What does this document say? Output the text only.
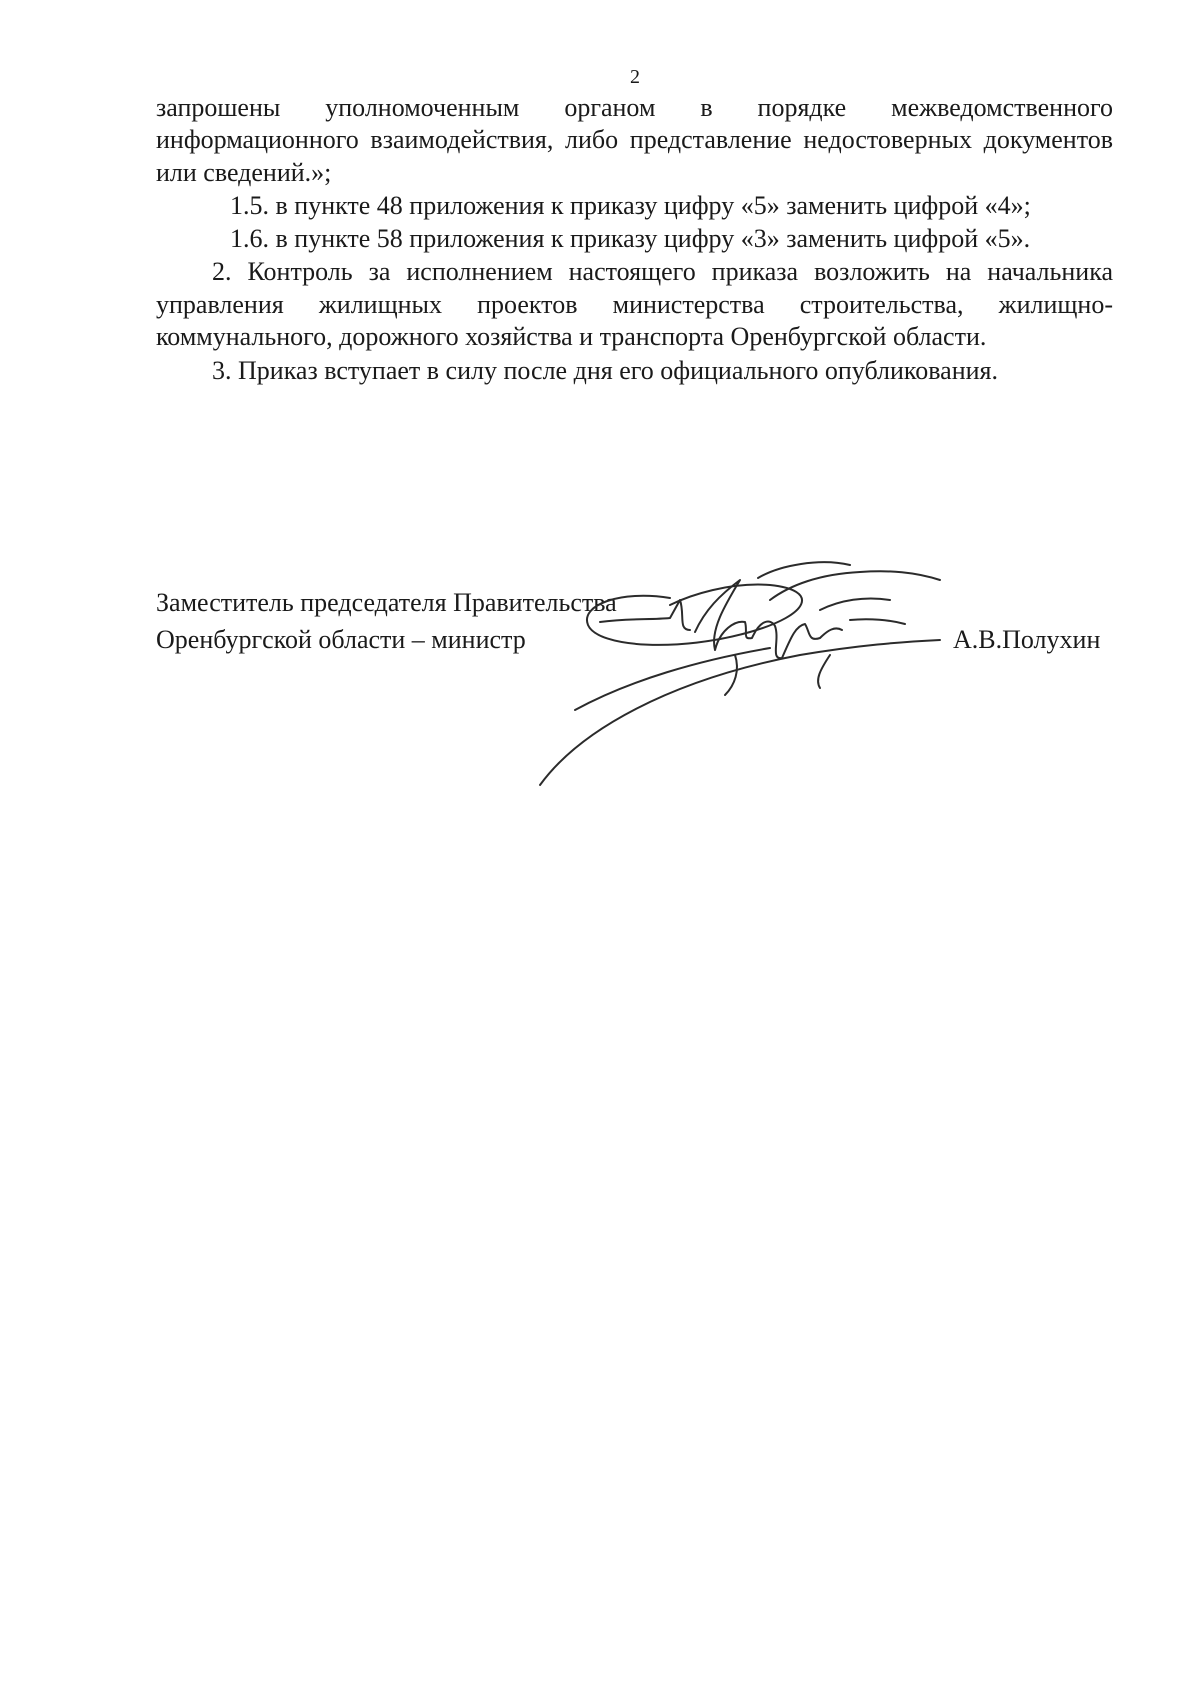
2

запрошены уполномоченным органом в порядке межведомственного информационного взаимодействия, либо представление недостоверных документов или сведений.»;

1.5. в пункте 48 приложения к приказу цифру «5» заменить цифрой «4»;

1.6. в пункте 58 приложения к приказу цифру «3» заменить цифрой «5».

2. Контроль за исполнением настоящего приказа возложить на начальника управления жилищных проектов министерства строительства, жилищно-коммунального, дорожного хозяйства и транспорта Оренбургской области.

3. Приказ вступает в силу после дня его официального опубликования.

Заместитель председателя Правительства
Оренбургской области – министр	А.В.Полухин
